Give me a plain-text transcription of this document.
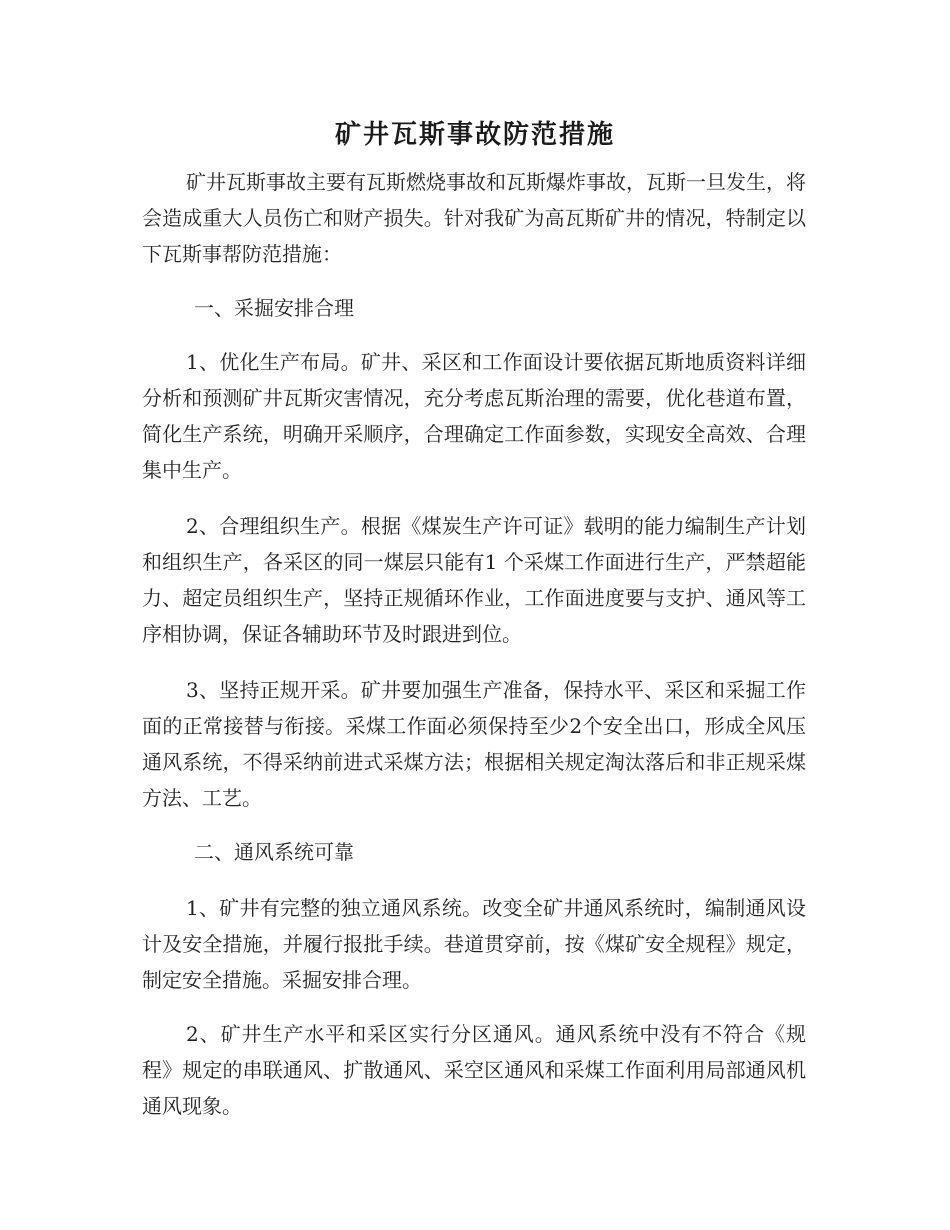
矿井瓦斯事故防范措施
矿井瓦斯事故主要有瓦斯燃烧事故和瓦斯爆炸事故，瓦斯一旦发生，将会造成重大人员伤亡和财产损失。针对我矿为高瓦斯矿井的情况，特制定以下瓦斯事帮防范措施：
一、采掘安排合理
1、优化生产布局。矿井、采区和工作面设计要依据瓦斯地质资料详细分析和预测矿井瓦斯灾害情况，充分考虑瓦斯治理的需要，优化巷道布置，简化生产系统，明确开采顺序，合理确定工作面参数，实现安全高效、合理集中生产。
2、合理组织生产。根据《煤炭生产许可证》载明的能力编制生产计划和组织生产，各采区的同一煤层只能有1 个采煤工作面进行生产，严禁超能力、超定员组织生产，坚持正规循环作业，工作面进度要与支护、通风等工序相协调，保证各辅助环节及时跟进到位。
3、坚持正规开采。矿井要加强生产准备，保持水平、采区和采掘工作面的正常接替与衔接。采煤工作面必须保持至少2个安全出口，形成全风压通风系统，不得采纳前进式采煤方法；根据相关规定淘汰落后和非正规采煤方法、工艺。
二、通风系统可靠
1、矿井有完整的独立通风系统。改变全矿井通风系统时，编制通风设计及安全措施，并履行报批手续。巷道贯穿前，按《煤矿安全规程》规定，制定安全措施。采掘安排合理。
2、矿井生产水平和采区实行分区通风。通风系统中没有不符合《规程》规定的串联通风、扩散通风、采空区通风和采煤工作面利用局部通风机通风现象。
